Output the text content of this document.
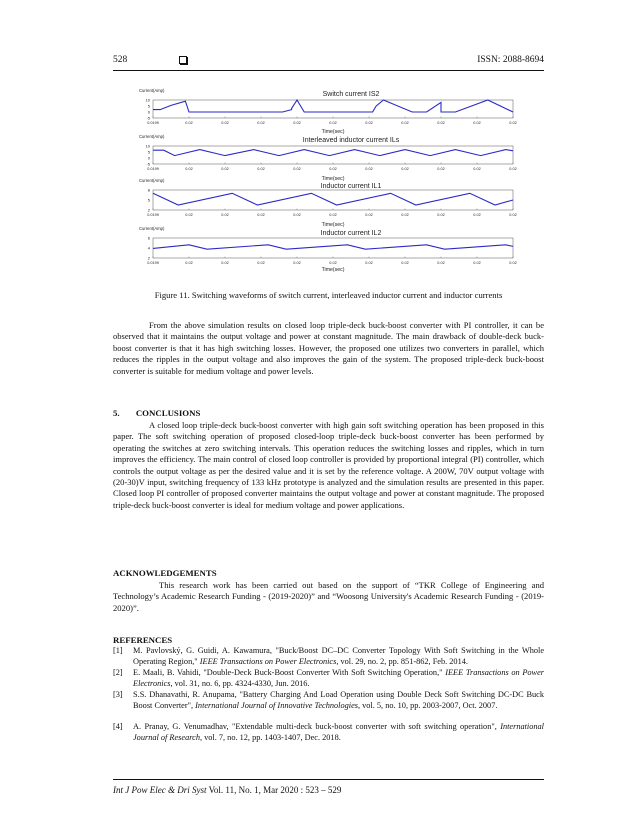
528	ISSN: 2088-8694
Current(Amp)
Switch current IS2
10
5
0
-5
0.0199	0.02	0.02	0.02	0.02	0.02	0.02	0.02	0.02	0.02	0.02
Time(sec)
Current(Amp)
Interleaved inductor current ILs
10
5
0
-5
0.0199	0.02	0.02	0.02	0.02	0.02	0.02	0.02	0.02	0.02	0.02
Time(sec)
Current(Amp)
Inductor current IL1
8
5
2
0.0199	0.02	0.02	0.02	0.02	0.02	0.02	0.02	0.02	0.02	0.02
Time(sec)
Current(Amp)
Inductor current IL2
6
4
2
0.0199	0.02	0.02	0.02	0.02	0.02	0.02	0.02	0.02	0.02	0.02
Time(sec)
Figure 11. Switching waveforms of switch current, interleaved inductor current and inductor currents
From the above simulation results on closed loop triple-deck buck-boost converter with PI controller, it can be observed that it maintains the output voltage and power at constant magnitude. The main drawback of double-deck buck-boost converter is that it has high switching losses. However, the proposed one utilizes two converters in parallel, which reduces the ripples in the output voltage and also improves the gain of the system. The proposed triple-deck buck-boost converter is suitable for medium voltage and power levels.
5. CONCLUSIONS
A closed loop triple-deck buck-boost converter with high gain soft switching operation has been proposed in this paper. The soft switching operation of proposed closed-loop triple-deck buck-boost converter has been performed by operating the switches at zero switching intervals. This operation reduces the switching losses and ripples, which in turn improves the efficiency. The main control of closed loop controller is provided by proportional integral (PI) controller, which controls the output voltage as per the desired value and it is set by the reference voltage. A 200W, 70V output voltage with (20-30)V input, switching frequency of 133 kHz prototype is analyzed and the simulation results are presented in this paper. Closed loop PI controller of proposed converter maintains the output voltage and power at constant magnitude. The proposed triple-deck buck-boost converter is ideal for medium voltage and power applications.
ACKNOWLEDGEMENTS
This research work has been carried out based on the support of “TKR College of Engineering and Technology’s Academic Research Funding - (2019-2020)” and “Woosong University's Academic Research Funding - (2019-2020)”.
REFERENCES
[1] M. Pavlovský, G. Guidi, A. Kawamura, "Buck/Boost DC–DC Converter Topology With Soft Switching in the Whole Operating Region," IEEE Transactions on Power Electronics, vol. 29, no. 2, pp. 851-862, Feb. 2014.
[2] E. Maali, B. Vahidi, "Double-Deck Buck-Boost Converter With Soft Switching Operation," IEEE Transactions on Power Electronics, vol. 31, no. 6, pp. 4324-4330, Jun. 2016.
[3] S.S. Dhanavathi, R. Anupama, "Battery Charging And Load Operation using Double Deck Soft Switching DC-DC Buck Boost Converter", International Journal of Innovative Technologies, vol. 5, no. 10, pp. 2003-2007, Oct. 2007.
[4] A. Pranay, G. Venumadhav, "Extendable multi-deck buck-boost converter with soft switching operation", International Journal of Research, vol. 7, no. 12, pp. 1403-1407, Dec. 2018.
Int J Pow Elec & Dri Syst Vol. 11, No. 1, Mar 2020 : 523 – 529
